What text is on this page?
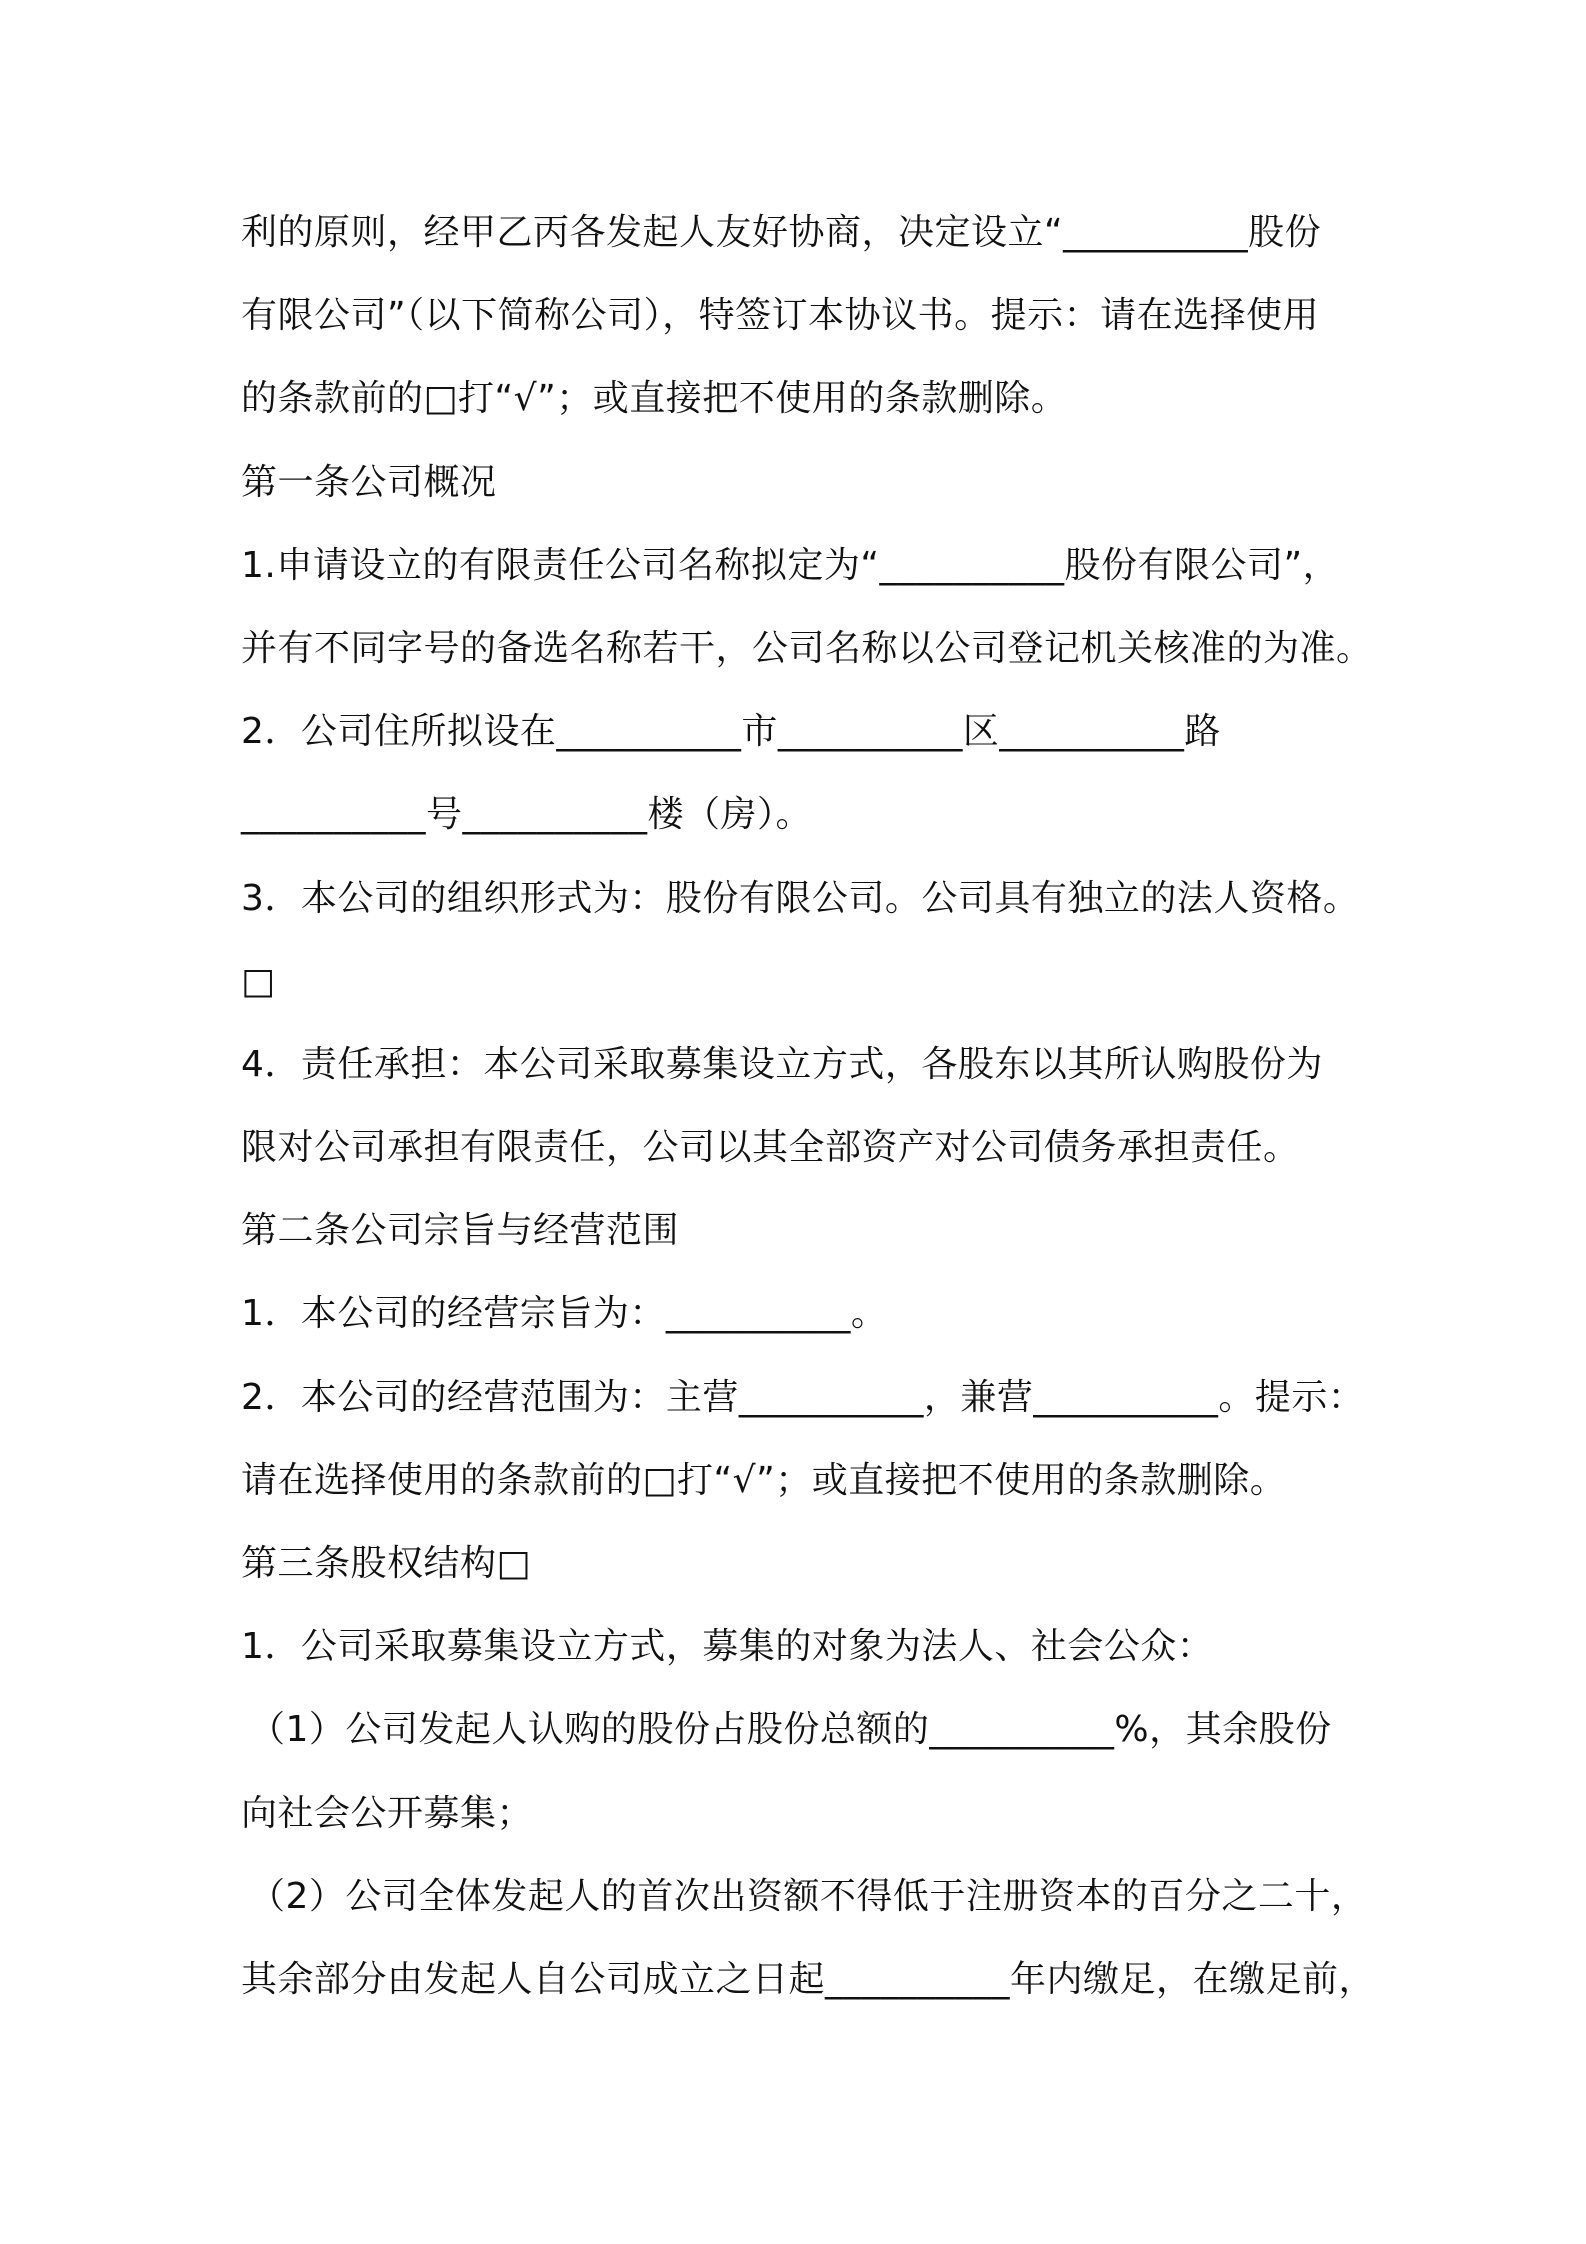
利的原则，经甲乙丙各发起人友好协商，决定设立“__________股份
有限公司”（以下简称公司），特签订本协议书。提示：请在选择使用
的条款前的□打“√”；或直接把不使用的条款删除。
第一条公司概况
1.申请设立的有限责任公司名称拟定为“__________股份有限公司”，
并有不同字号的备选名称若干，公司名称以公司登记机关核准的为准。
2．公司住所拟设在__________市__________区__________路
__________号__________楼（房）。
3．本公司的组织形式为：股份有限公司。公司具有独立的法人资格。
□
4．责任承担：本公司采取募集设立方式，各股东以其所认购股份为
限对公司承担有限责任，公司以其全部资产对公司债务承担责任。
第二条公司宗旨与经营范围
1．本公司的经营宗旨为：__________。
2．本公司的经营范围为：主营__________，兼营__________。提示：
请在选择使用的条款前的□打“√”；或直接把不使用的条款删除。
第三条股权结构□
1．公司采取募集设立方式，募集的对象为法人、社会公众：
（1）公司发起人认购的股份占股份总额的__________%，其余股份
向社会公开募集；
（2）公司全体发起人的首次出资额不得低于注册资本的百分之二十，
其余部分由发起人自公司成立之日起__________年内缴足，在缴足前，
